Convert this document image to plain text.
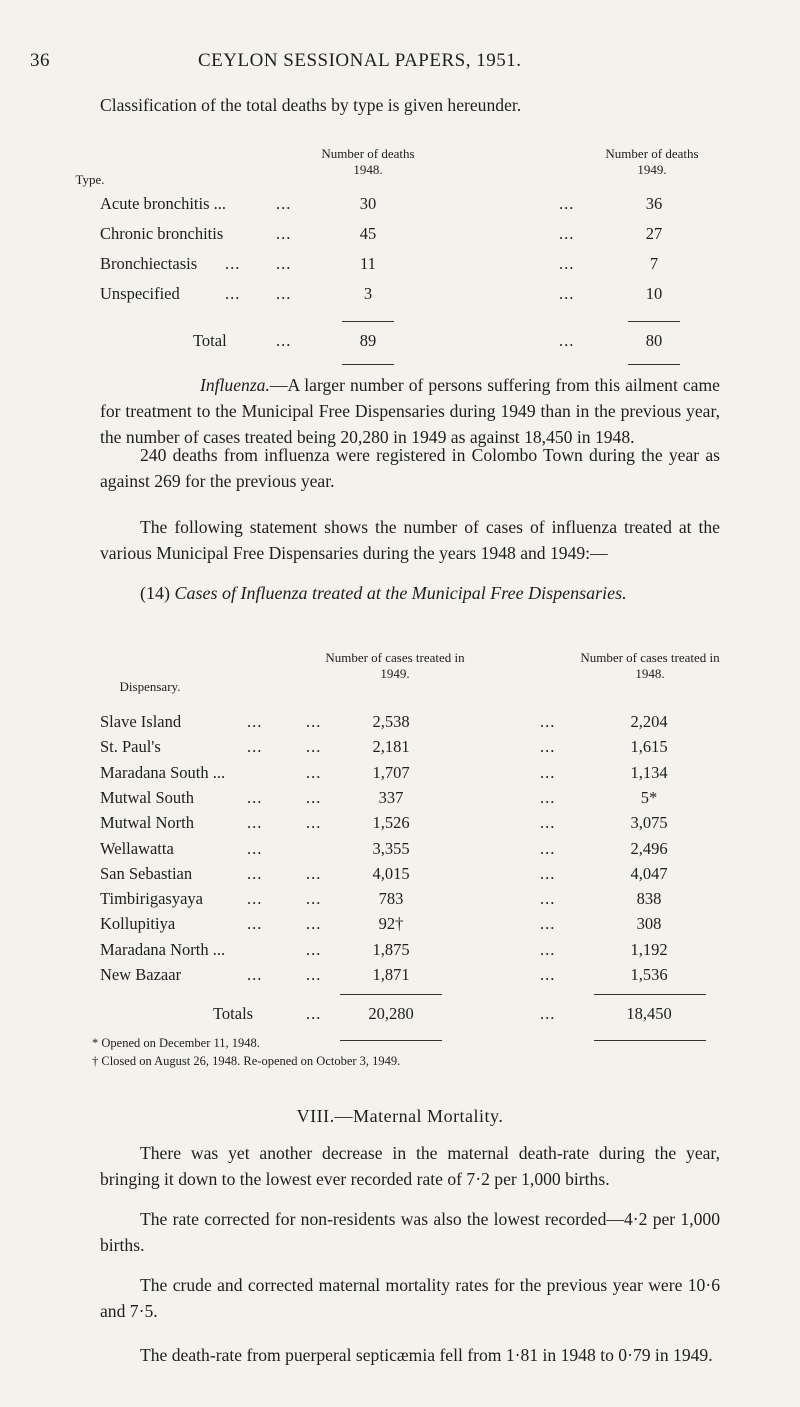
36	CEYLON SESSIONAL PAPERS, 1951.

Classification of the total deaths by type is given hereunder.

Type.
Number of deaths 1948.
Number of deaths 1949.
Acute bronchitis ...	...	30	...	36
Chronic bronchitis	...	45	...	27
Bronchiectasis ... ...	11	...	7
Unspecified	... ...	3	...	10
Total	...	89	...	80

Influenza.—A larger number of persons suffering from this ailment came for treatment to the Municipal Free Dispensaries during 1949 than in the previous year, the number of cases treated being 20,280 in 1949 as against 18,450 in 1948.

240 deaths from influenza were registered in Colombo Town during the year as against 269 for the previous year.

The following statement shows the number of cases of influenza treated at the various Municipal Free Dispensaries during the years 1948 and 1949:—

(14) Cases of Influenza treated at the Municipal Free Dispensaries.
Dispensary.
Number of cases treated in 1949.
Number of cases treated in 1948.
Slave Island	...	...	2,538	...	2,204
St. Paul's	...	...	2,181	...	1,615
Maradana South ...	...	1,707	...	1,134
Mutwal South	...	...	337	...	5*
Mutwal North	...	...	1,526	...	3,075
Wellawatta	...	3,355	...	2,496
San Sebastian	...	...	4,015	...	4,047
Timbirigasyaya	...	...	783	...	838
Kollupitiya	...	...	92†	...	308
Maradana North ...	...	1,875	...	1,192
New Bazaar	...	...	1,871	...	1,536
Totals	...	20,280	...	18,450
* Opened on December 11, 1948.
† Closed on August 26, 1948. Re-opened on October 3, 1949.
VIII.—Maternal Mortality.

There was yet another decrease in the maternal death-rate during the year, bringing it down to the lowest ever recorded rate of 7·2 per 1,000 births.

The rate corrected for non-residents was also the lowest recorded—4·2 per 1,000 births.

The crude and corrected maternal mortality rates for the previous year were 10·6 and 7·5.

The death-rate from puerperal septicæmia fell from 1·81 in 1948 to 0·79 in 1949.
